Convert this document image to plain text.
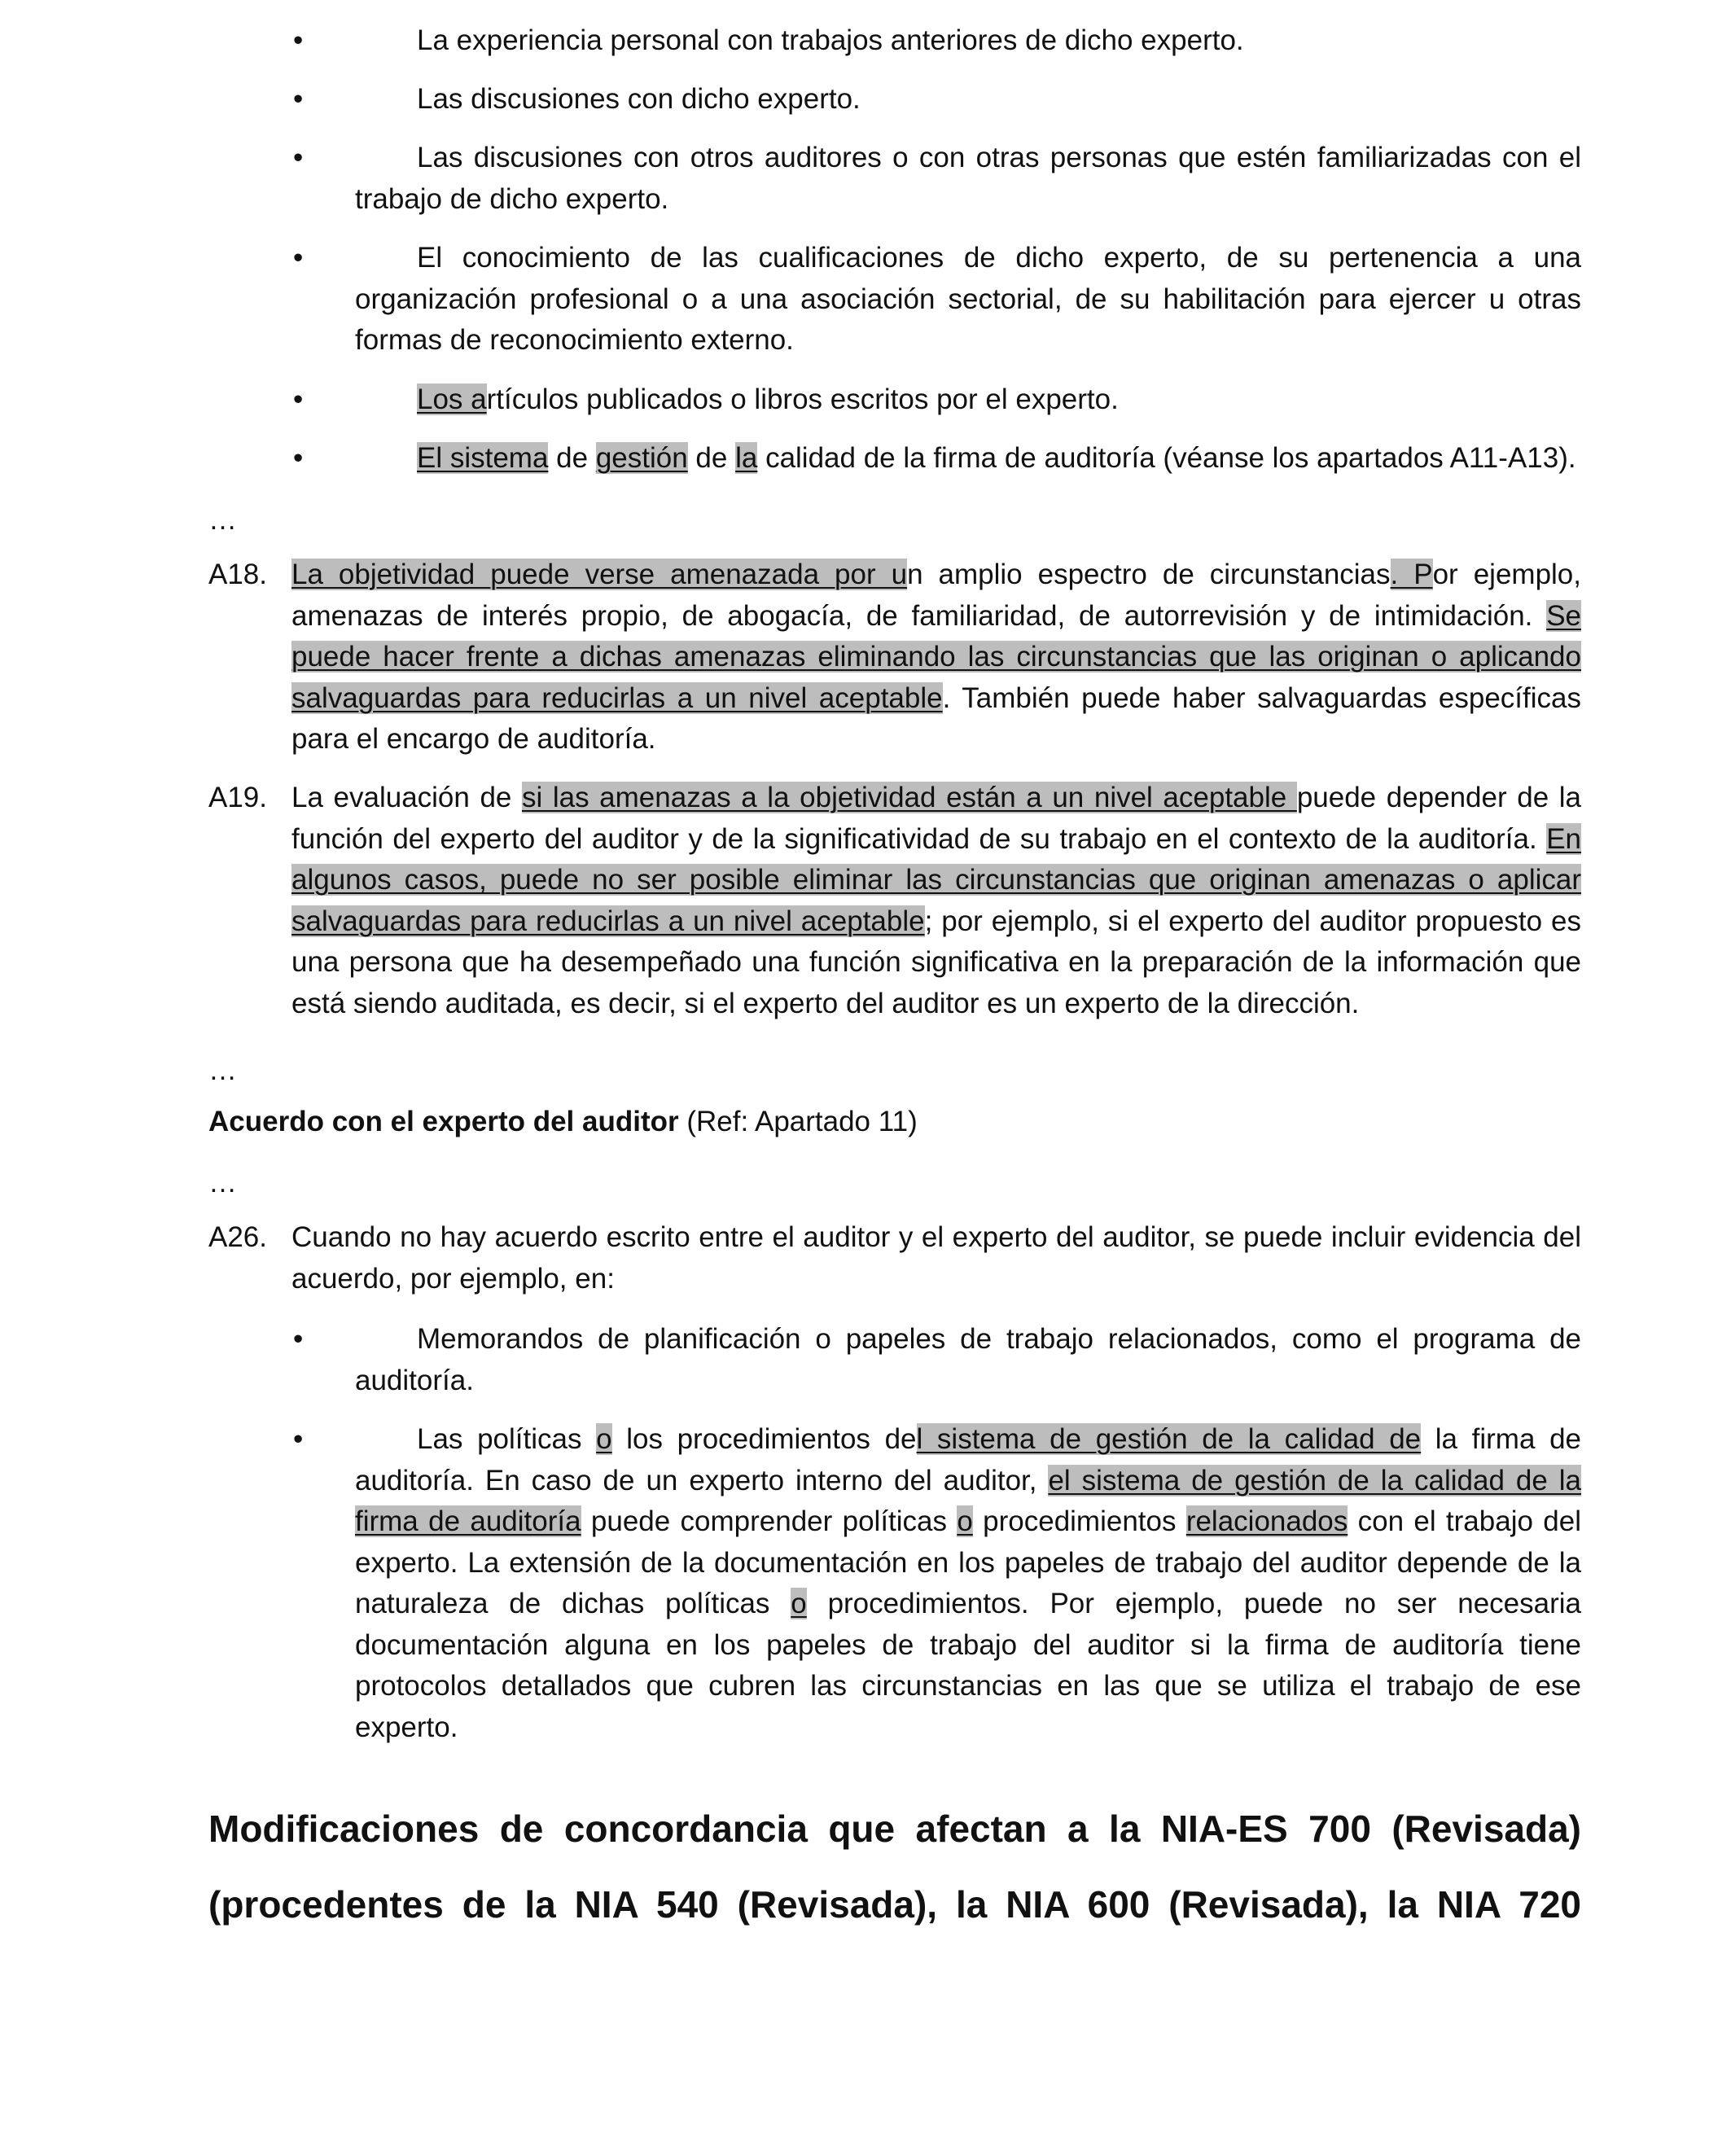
•	La experiencia personal con trabajos anteriores de dicho experto.
•	Las discusiones con dicho experto.
•	Las discusiones con otros auditores o con otras personas que estén familiarizadas con el trabajo de dicho experto.
•	El conocimiento de las cualificaciones de dicho experto, de su pertenencia a una organización profesional o a una asociación sectorial, de su habilitación para ejercer u otras formas de reconocimiento externo.
•	Los artículos publicados o libros escritos por el experto.
•	El sistema de gestión de la calidad de la firma de auditoría (véanse los apartados A11-A13).
…
A18. La objetividad puede verse amenazada por un amplio espectro de circunstancias. Por ejemplo, amenazas de interés propio, de abogacía, de familiaridad, de autorrevisión y de intimidación. Se puede hacer frente a dichas amenazas eliminando las circunstancias que las originan o aplicando salvaguardas para reducirlas a un nivel aceptable. También puede haber salvaguardas específicas para el encargo de auditoría.
A19. La evaluación de si las amenazas a la objetividad están a un nivel aceptable puede depender de la función del experto del auditor y de la significatividad de su trabajo en el contexto de la auditoría. En algunos casos, puede no ser posible eliminar las circunstancias que originan amenazas o aplicar salvaguardas para reducirlas a un nivel aceptable; por ejemplo, si el experto del auditor propuesto es una persona que ha desempeñado una función significativa en la preparación de la información que está siendo auditada, es decir, si el experto del auditor es un experto de la dirección.
…
Acuerdo con el experto del auditor (Ref: Apartado 11)
…
A26. Cuando no hay acuerdo escrito entre el auditor y el experto del auditor, se puede incluir evidencia del acuerdo, por ejemplo, en:
•	Memorandos de planificación o papeles de trabajo relacionados, como el programa de auditoría.
•	Las políticas o los procedimientos del sistema de gestión de la calidad de la firma de auditoría. En caso de un experto interno del auditor, el sistema de gestión de la calidad de la firma de auditoría puede comprender políticas o procedimientos relacionados con el trabajo del experto. La extensión de la documentación en los papeles de trabajo del auditor depende de la naturaleza de dichas políticas o procedimientos. Por ejemplo, puede no ser necesaria documentación alguna en los papeles de trabajo del auditor si la firma de auditoría tiene protocolos detallados que cubren las circunstancias en las que se utiliza el trabajo de ese experto.
Modificaciones de concordancia que afectan a la NIA-ES 700 (Revisada)
(procedentes de la NIA 540 (Revisada), la NIA 600 (Revisada), la NIA 720
